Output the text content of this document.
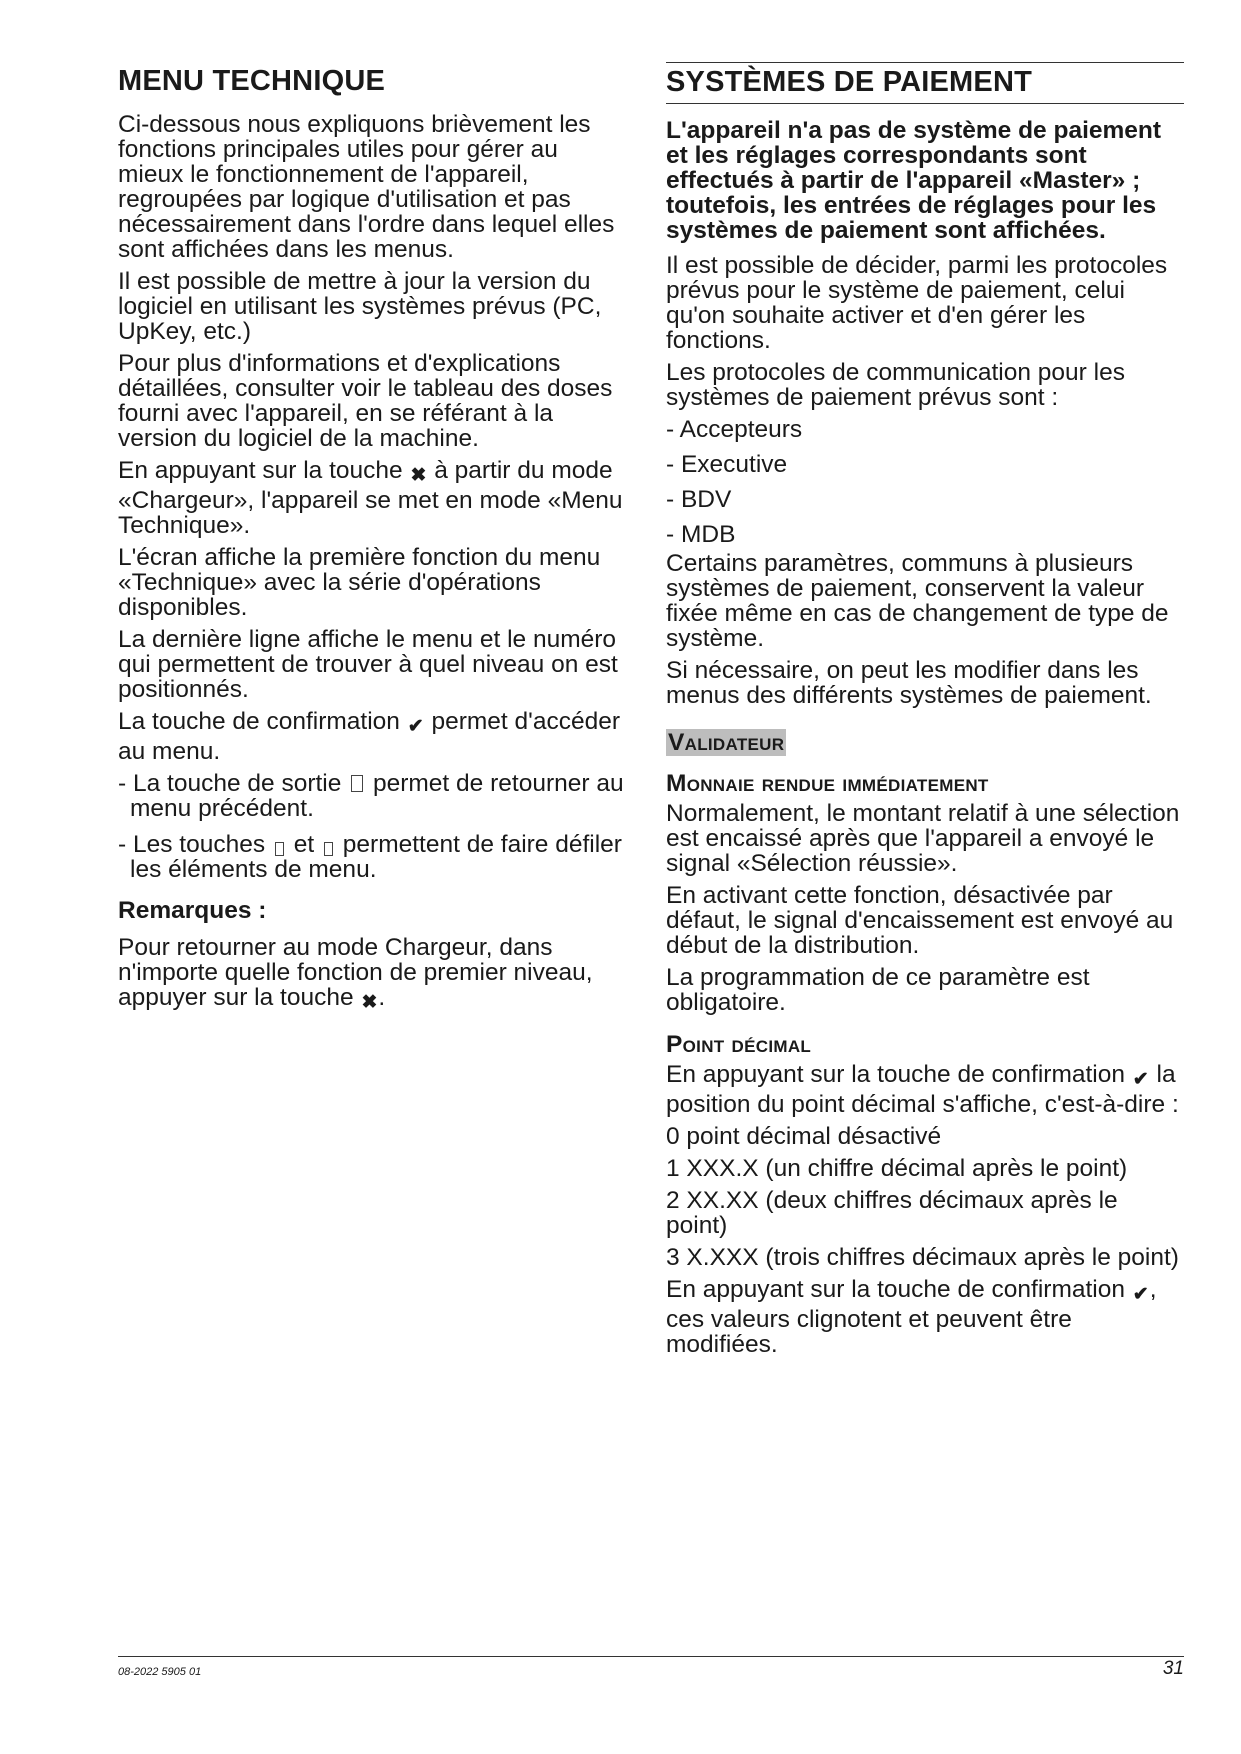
MENU TECHNIQUE

Ci-dessous nous expliquons brièvement les fonctions principales utiles pour gérer au mieux le fonctionnement de l'appareil, regroupées par logique d'utilisation et pas nécessairement dans l'ordre dans lequel elles sont affichées dans les menus.

Il est possible de mettre à jour la version du logiciel en utilisant les systèmes prévus (PC, UpKey, etc.)

Pour plus d'informations et d'explications détaillées, consulter voir le tableau des doses fourni avec l'appareil, en se référant à la version du logiciel de la machine.

En appuyant sur la touche ✖ à partir du mode «Chargeur», l'appareil se met en mode «Menu Technique».

L'écran affiche la première fonction du menu «Technique» avec la série d'opérations disponibles.

La dernière ligne affiche le menu et le numéro qui permettent de trouver à quel niveau on est positionnés.

La touche de confirmation ✔ permet d'accéder au menu.

- La touche de sortie permet de retourner au menu précédent.
- Les touches et permettent de faire défiler les éléments de menu.
Remarques :

Pour retourner au mode Chargeur, dans n'importe quelle fonction de premier niveau, appuyer sur la touche ✖.

SYSTÈMES DE PAIEMENT

L'appareil n'a pas de système de paiement et les réglages correspondants sont effectués à partir de l'appareil «Master» ; toutefois, les entrées de réglages pour les systèmes de paiement sont affichées.

Il est possible de décider, parmi les protocoles prévus pour le système de paiement, celui qu'on souhaite activer et d'en gérer les fonctions.

Les protocoles de communication pour les systèmes de paiement prévus sont :

- Accepteurs
- Executive
- BDV
- MDB

Certains paramètres, communs à plusieurs systèmes de paiement, conservent la valeur fixée même en cas de changement de type de système.

Si nécessaire, on peut les modifier dans les menus des différents systèmes de paiement.

Validateur
Monnaie rendue immédiatement

Normalement, le montant relatif à une sélection est encaissé après que l'appareil a envoyé le signal «Sélection réussie».

En activant cette fonction, désactivée par défaut, le signal d'encaissement est envoyé au début de la distribution.

La programmation de ce paramètre est obligatoire.

Point décimal

En appuyant sur la touche de confirmation ✔ la position du point décimal s'affiche, c'est-à-dire :

0 point décimal désactivé

1 XXX.X (un chiffre décimal après le point)

2 XX.XX (deux chiffres décimaux après le point)

3 X.XXX (trois chiffres décimaux après le point)

En appuyant sur la touche de confirmation ✔, ces valeurs clignotent et peuvent être modifiées.

08-2022 5905 01	31
